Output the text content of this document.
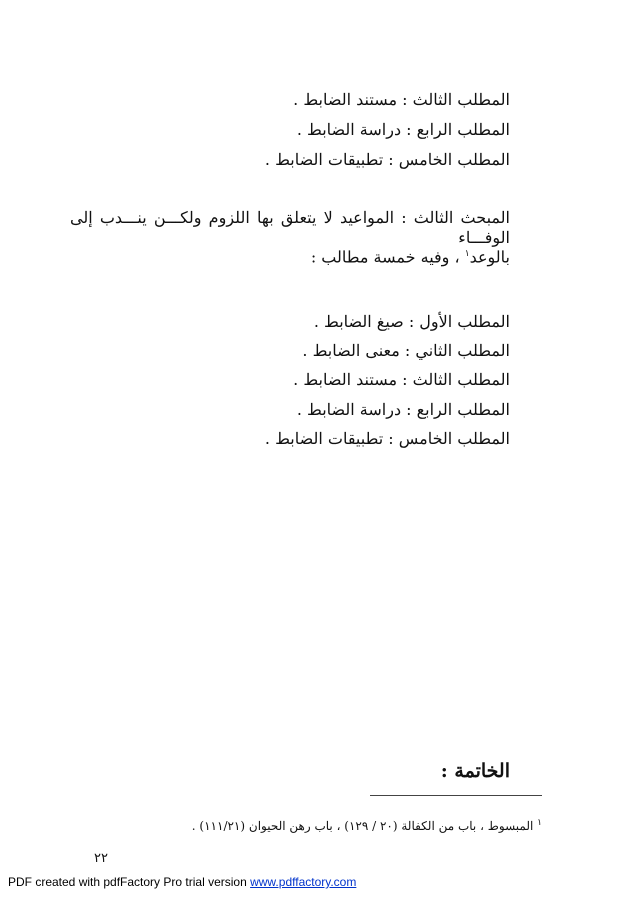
المطلب الثالث : مستند الضابط .
المطلب الرابع : دراسة الضابط .
المطلب الخامس : تطبيقات الضابط .
المبحث الثالث : المواعيد لا يتعلق بها اللزوم ولكـــن ينـــدب إلى الوفـــاء
بالوعد$^١$ ، وفيه خمسة مطالب :
المطلب الأول : صيغ الضابط .
المطلب الثاني : معنى الضابط .
المطلب الثالث : مستند الضابط .
المطلب الرابع : دراسة الضابط .
المطلب الخامس : تطبيقات الضابط .
الخاتمة :
$^١$ المبسوط ، باب من الكفالة (٢٠ / ١٢٩) ، باب رهن الحيوان (١١١/٢١) .
٢٢
PDF created with pdfFactory Pro trial version www.pdffactory.com
